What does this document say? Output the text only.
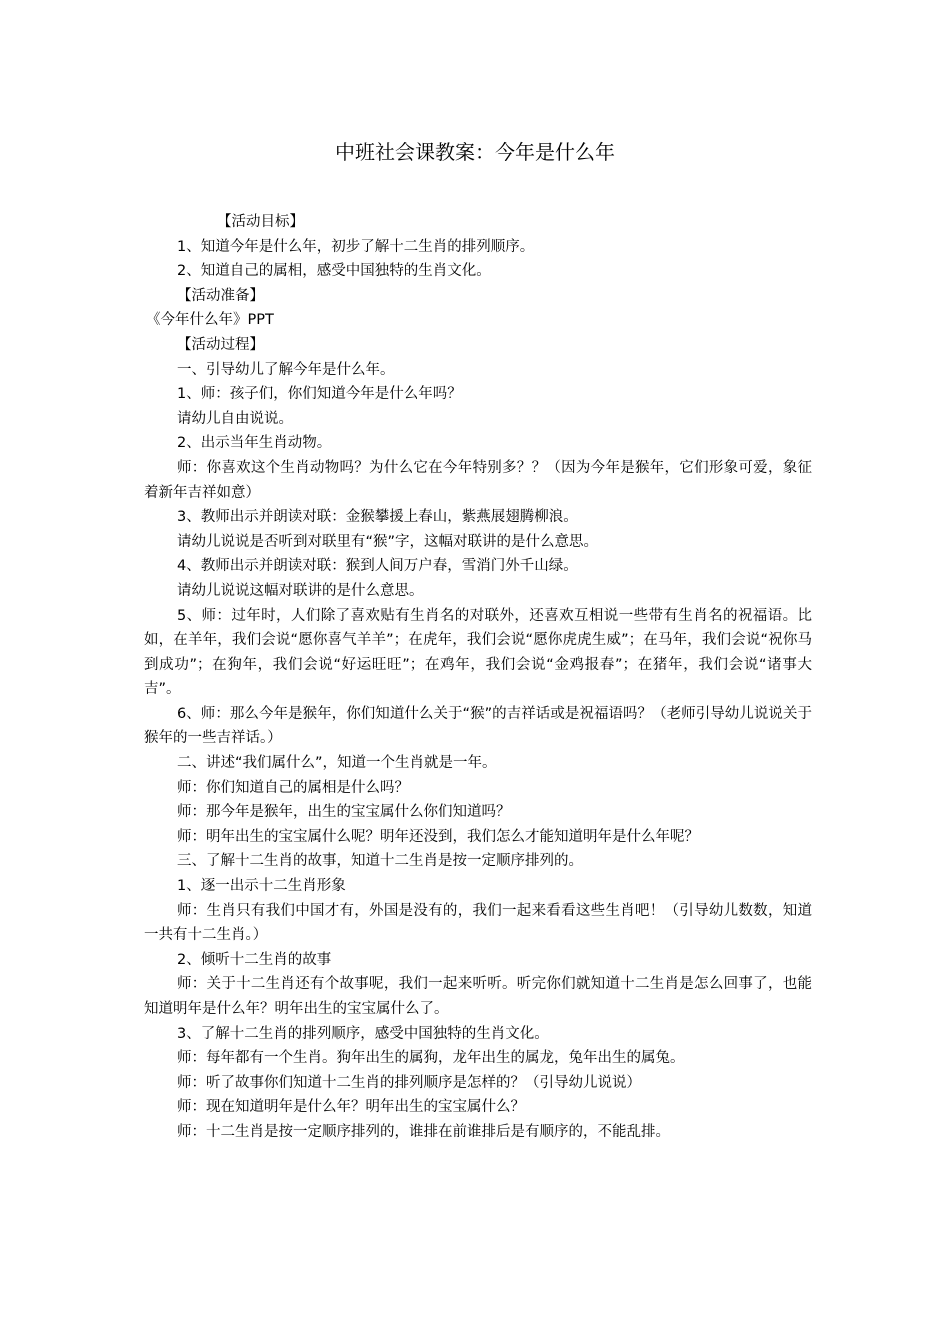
中班社会课教案：今年是什么年

【活动目标】

1、知道今年是什么年，初步了解十二生肖的排列顺序。

2、知道自己的属相，感受中国独特的生肖文化。

【活动准备】

《今年什么年》PPT

【活动过程】

一、引导幼儿了解今年是什么年。

1、师：孩子们，你们知道今年是什么年吗？

请幼儿自由说说。

2、出示当年生肖动物。

师：你喜欢这个生肖动物吗？为什么它在今年特别多？？（因为今年是猴年，它们形象可爱，象征着新年吉祥如意）

3、教师出示并朗读对联：金猴攀援上春山，紫燕展翅腾柳浪。

请幼儿说说是否听到对联里有“猴”字，这幅对联讲的是什么意思。

4、教师出示并朗读对联：猴到人间万户春，雪消门外千山绿。

请幼儿说说这幅对联讲的是什么意思。

5、师：过年时，人们除了喜欢贴有生肖名的对联外，还喜欢互相说一些带有生肖名的祝福语。比如，在羊年，我们会说“愿你喜气羊羊”；在虎年，我们会说“愿你虎虎生威”；在马年，我们会说“祝你马到成功”；在狗年，我们会说“好运旺旺”；在鸡年，我们会说“金鸡报春”；在猪年，我们会说“诸事大吉”。

6、师：那么今年是猴年，你们知道什么关于“猴”的吉祥话或是祝福语吗？（老师引导幼儿说说关于猴年的一些吉祥话。）

二、讲述“我们属什么”，知道一个生肖就是一年。

师：你们知道自己的属相是什么吗？

师：那今年是猴年，出生的宝宝属什么你们知道吗？

师：明年出生的宝宝属什么呢？明年还没到，我们怎么才能知道明年是什么年呢？

三、了解十二生肖的故事，知道十二生肖是按一定顺序排列的。

1、逐一出示十二生肖形象

师：生肖只有我们中国才有，外国是没有的，我们一起来看看这些生肖吧！（引导幼儿数数，知道一共有十二生肖。）

2、倾听十二生肖的故事

师：关于十二生肖还有个故事呢，我们一起来听听。听完你们就知道十二生肖是怎么回事了，也能知道明年是什么年？明年出生的宝宝属什么了。

3、了解十二生肖的排列顺序，感受中国独特的生肖文化。

师：每年都有一个生肖。狗年出生的属狗，龙年出生的属龙，兔年出生的属兔。

师：听了故事你们知道十二生肖的排列顺序是怎样的？（引导幼儿说说）

师：现在知道明年是什么年？明年出生的宝宝属什么？

师：十二生肖是按一定顺序排列的，谁排在前谁排后是有顺序的，不能乱排。
